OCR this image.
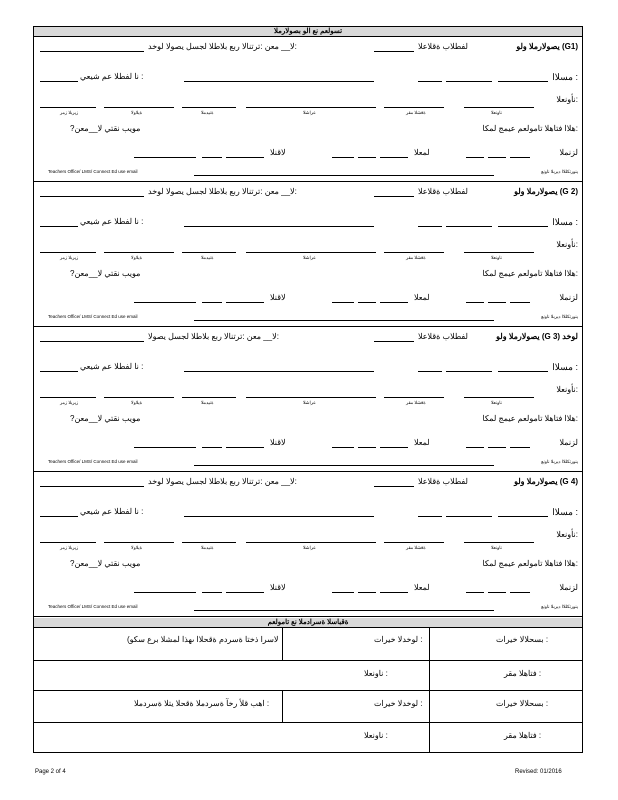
تسولعم نع الو بصولارملا
يصولارملا ولو (G1)
لفطلاب ةقلاعلا
لا__ معن :ترتنالا ربع بلاطلا لجسل يصولا لوخد:
مسلاا :
نا لفطلا عم شيعي :
نأونعلا:
زيربلا زمر	ةيلاولا	ةنيدملا	عراشلا	ةقشلا مقر	ناونعلا
هلاا فتاهلا تامولعم عيمج لمكا:
?مويب نقتي لا__معن
لزنملا
لمعلا
لاقنلا
ينورتكللاا ديربلا ناونع
Teachers Office/ LMS/ Connect Ed use email
يصولارملا ولو (G 2)
لفطلاب ةقلاعلا
لا__ معن :ترتنالا ربع بلاطلا لجسل يصولا لوخد:
مسلاا :
نا لفطلا عم شيعي :
نأونعلا:
زيربلا زمر	ةيلاولا	ةنيدملا	عراشلا	ةقشلا مقر	ناونعلا
هلاا فتاهلا تامولعم عيمج لمكا:
?مويب نقتي لا__معن
لزنملا
لمعلا
لاقنلا
ينورتكللاا ديربلا ناونع
Teachers Office/ LMS/ Connect Ed use email
يصولارملا ولو (G 3) لوخد
لفطلاب ةقلاعلا
لا__ معن :ترتنالا ربع بلاطلا لجسل يصولا:
مسلاا :
نا لفطلا عم شيعي :
نأونعلا:
زيربلا زمر	ةيلاولا	ةنيدملا	عراشلا	ةقشلا مقر	ناونعلا
هلاا فتاهلا تامولعم عيمج لمكا:
?مويب نقتي لا__معن
لزنملا
لمعلا
لاقنلا
ينورتكللاا ديربلا ناونع
Teachers Office/ LMS/ Connect Ed use email
يصولارملا ولو (G 4)
لفطلاب ةقلاعلا
لا__ معن :ترتنالا ربع بلاطلا لجسل يصولا لوخد:
مسلاا :
نا لفطلا عم شيعي :
نأونعلا:
زيربلا زمر	ةيلاولا	ةنيدملا	عراشلا	ةقشلا مقر	ناونعلا
هلاا فتاهلا تامولعم عيمج لمكا:
?مويب نقتي لا__معن
لزنملا
لمعلا
لاقنلا
ينورتكللاا ديربلا ناونع
Teachers Office/ LMS/ Connect Ed use email
ةقباسلا ةسرادملا نع تامولعم
(لاسرا ذختا ةسردم ةقحلاا ىهذا لمشلا برع سكو	لوخدلا خيرات :	بسحلالا خيرات :
ناونعلا :	فتاهلا مقر :
اهب قلأ رخآ ةسردملا ةقحلا يتلا ةسردملا :	لوخدلا خيرات :	بسحلالا خيرات :
ناونعلا :	فتاهلا مقر :
Page 2 of 4	Revised: 01/2016
